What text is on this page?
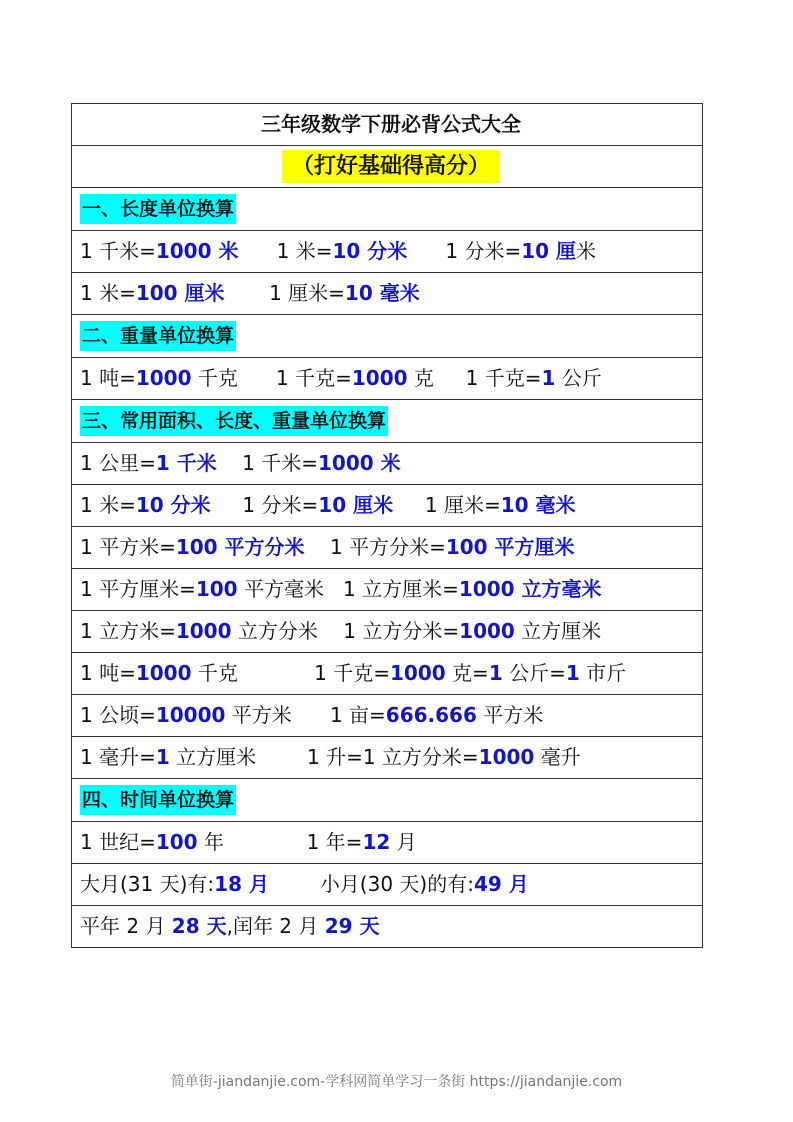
三年级数学下册必背公式大全
（打好基础得高分）
一、长度单位换算
1 千米=1000 米      1 米=10 分米      1 分米=10 厘米
1 米=100 厘米       1 厘米=10 毫米
二、重量单位换算
1 吨=1000 千克      1 千克=1000 克     1 千克=1 公斤
三、常用面积、长度、重量单位换算
1 公里=1 千米    1 千米=1000 米
1 米=10 分米     1 分米=10 厘米     1 厘米=10 毫米
1 平方米=100 平方分米    1 平方分米=100 平方厘米
1 平方厘米=100 平方毫米   1 立方厘米=1000 立方毫米
1 立方米=1000 立方分米    1 立方分米=1000 立方厘米
1 吨=1000 千克            1 千克=1000 克=1 公斤=1 市斤
1 公顷=10000 平方米      1 亩=666.666 平方米
1 毫升=1 立方厘米        1 升=1 立方分米=1000 毫升
四、时间单位换算
1 世纪=100 年             1 年=12 月
大月(31 天)有:18 月        小月(30 天)的有:49 月
平年 2 月 28 天,闰年 2 月 29 天
简单街-jiandanjie.com-学科网简单学习一条街 https://jiandanjie.com
